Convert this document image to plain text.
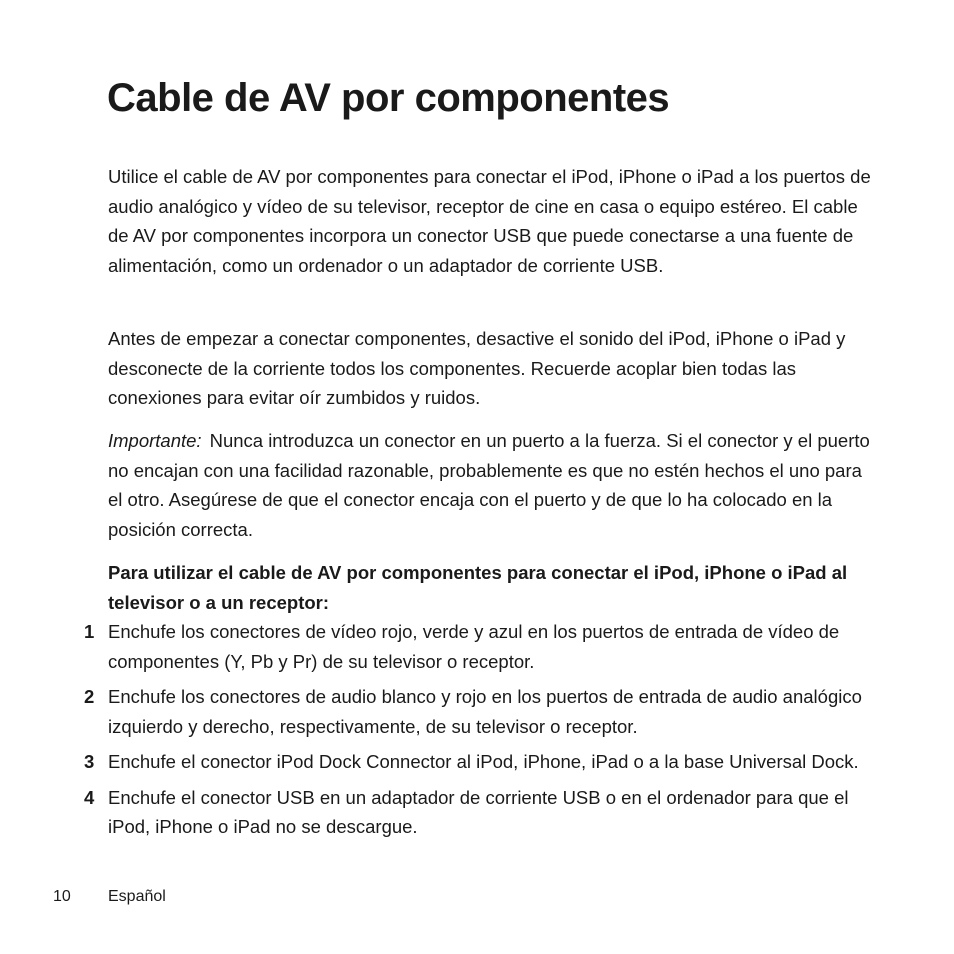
Cable de AV por componentes

Utilice el cable de AV por componentes para conectar el iPod, iPhone o iPad a los puertos de audio analógico y vídeo de su televisor, receptor de cine en casa o equipo estéreo. El cable de AV por componentes incorpora un conector USB que puede conectarse a una fuente de alimentación, como un ordenador o un adaptador de corriente USB.

Antes de empezar a conectar componentes, desactive el sonido del iPod, iPhone o iPad y desconecte de la corriente todos los componentes. Recuerde acoplar bien todas las conexiones para evitar oír zumbidos y ruidos.

Importante: Nunca introduzca un conector en un puerto a la fuerza. Si el conector y el puerto no encajan con una facilidad razonable, probablemente es que no estén hechos el uno para el otro. Asegúrese de que el conector encaja con el puerto y de que lo ha colocado en la posición correcta.

Para utilizar el cable de AV por componentes para conectar el iPod, iPhone o iPad al televisor o a un receptor:

1 Enchufe los conectores de vídeo rojo, verde y azul en los puertos de entrada de vídeo de componentes (Y, Pb y Pr) de su televisor o receptor.
2 Enchufe los conectores de audio blanco y rojo en los puertos de entrada de audio analógico izquierdo y derecho, respectivamente, de su televisor o receptor.
3 Enchufe el conector iPod Dock Connector al iPod, iPhone, iPad o a la base Universal Dock.
4 Enchufe el conector USB en un adaptador de corriente USB o en el ordenador para que el iPod, iPhone o iPad no se descargue.
10 Español
